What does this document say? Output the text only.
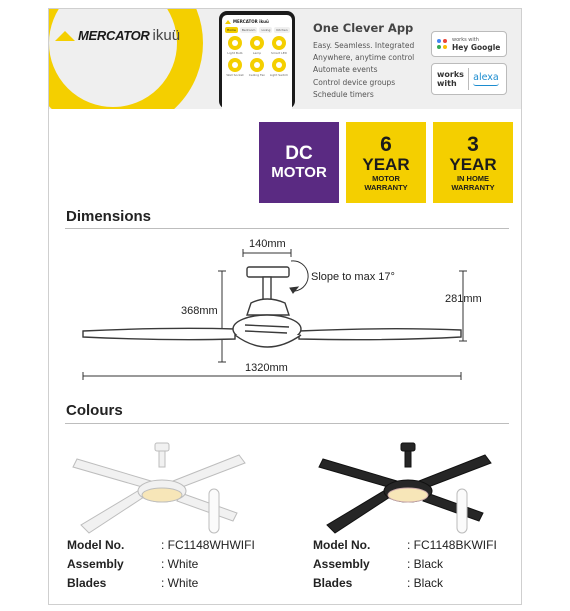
MERCATOR ikuü
MERCATOR ikuü
Home	Bedroom	Living	Kitchen
Light Bulb	Lamp	Smart LED
Wall Socket Ceiling Fan Light Switch
One Clever App
Easy. Seamless. Integrated
Anywhere, anytime control
Automate events
Control device groups
Schedule timers
works with
Hey Google
works
with
alexa
DC
MOTOR
6
YEAR
MOTOR
WARRANTY
3
YEAR
IN HOME
WARRANTY
Dimensions
140mm
Slope to max 17°
368mm
281mm
1320mm
Colours
Model No.	: FC1148WHWIFI
Assembly	: White
Blades	: White
Model No.	: FC1148BKWIFI
Assembly	: Black
Blades	: Black
